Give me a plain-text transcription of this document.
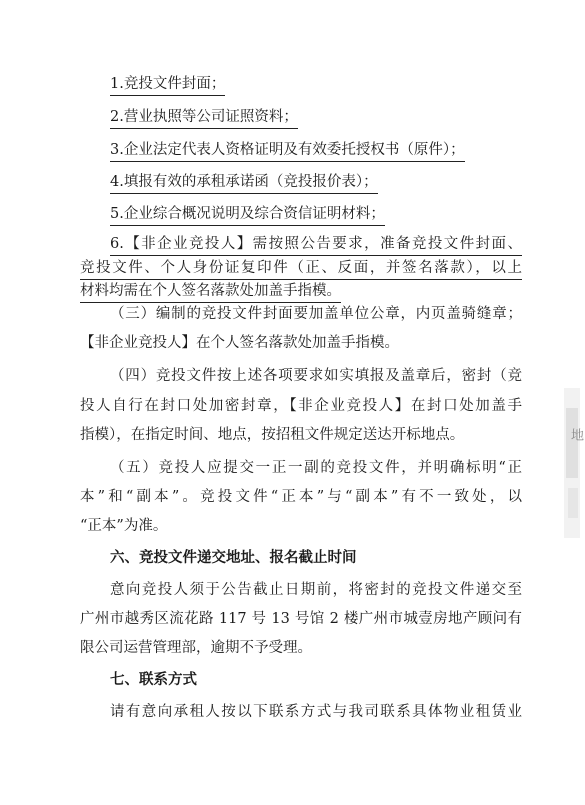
1.竞投文件封面；
2.营业执照等公司证照资料；
3.企业法定代表人资格证明及有效委托授权书（原件）；
4.填报有效的承租承诺函（竞投报价表）；
5.企业综合概况说明及综合资信证明材料；
6.【非企业竞投人】需按照公告要求，准备竞投文件封面、
竞投文件、个人身份证复印件（正、反面，并签名落款），以上
材料均需在个人签名落款处加盖手指模。
（三）编制的竞投文件封面要加盖单位公章，内页盖骑缝章；
【非企业竞投人】在个人签名落款处加盖手指模。
（四）竞投文件按上述各项要求如实填报及盖章后，密封（竞
投人自行在封口处加密封章，【非企业竞投人】在封口处加盖手
指模），在指定时间、地点，按招租文件规定送达开标地点。
（五）竞投人应提交一正一副的竞投文件，并明确标明“正
本”和“副本”。竞投文件“正本”与“副本”有不一致处，以
“正本”为准。
六、竞投文件递交地址、报名截止时间
意向竞投人须于公告截止日期前，将密封的竞投文件递交至
广州市越秀区流花路 117 号 13 号馆 2 楼广州市城壹房地产顾问有
限公司运营管理部，逾期不予受理。
七、联系方式
请有意向承租人按以下联系方式与我司联系具体物业租赁业
地
